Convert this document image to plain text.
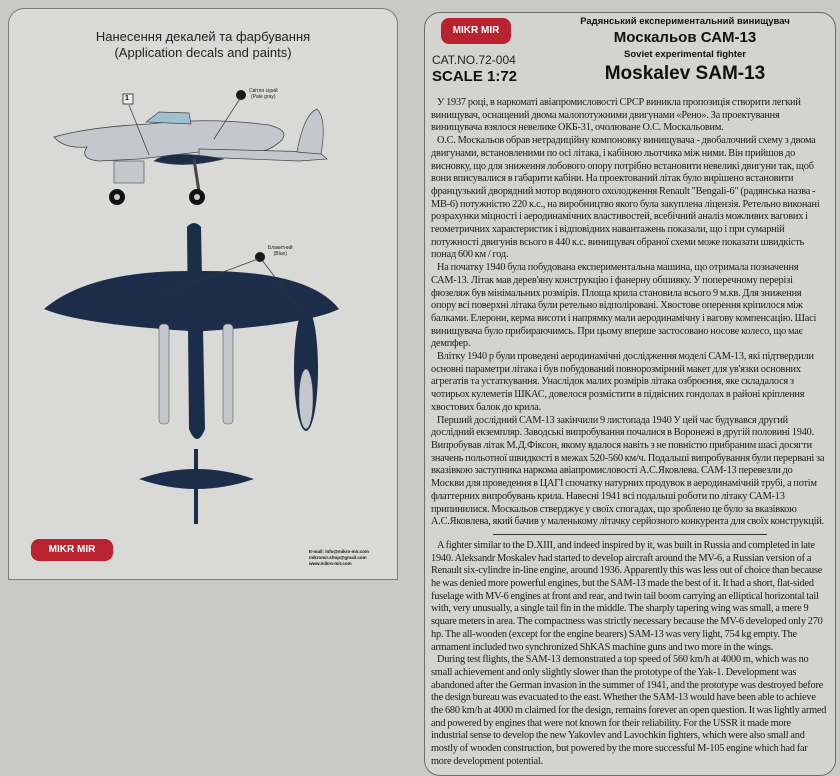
Нанесення декалей та фарбування
(Application decals and paints)
Світло сірий
(Pale gray)
Блакитний
(Blue)
1
MIKR MIR	E-mail: info@mikro-mir.com
mikromir.shop@gmail.com
www.mikro-mir.com
MIKR MIR
CAT.NO.72-004
SCALE 1:72
Радянський експериментальний винищувач
Москальов САМ-13
Soviet experimental fighter
Moskalev SAM-13

У 1937 році, в наркоматі авіапромисловості СРСР виникла пропозиція створити легкий винищувач, оснащений двома малопотужними двигунами «Рено». За проектування винищувача взялося невелике ОКБ-31, очолюване О.С. Москальовим.

О.С. Москальов обрав нетрадиційну компоновку винищувача - двобалочний схему з двома двигунами, встановленими по осі літака, і кабіною льотчика між ними. Він прийшов до висновку, що для зниження лобового опору потрібно встановити невеликі двигуни так, щоб вони вписувалися в габарити кабіни. На проектований літак було вирішено встановити французький дворядний мотор водяного охолодження Renault "Bengali-6" (радянська назва - МВ-6) потужністю 220 к.с., на виробництво якого була закуплена ліцензія. Ретельно виконані розрахунки міцності і аеродинамічних властивостей, всебічний аналіз можливих вагових і геометричних характеристик і відповідних навантажень показали, що і при сумарній потужності двигунів всього в 440 к.с. винищувач обраної схеми може показати швидкість понад 600 км / год.

На початку 1940 була побудована експериментальна машина, що отримала позначення САМ-13. Літак мав дерев'яну конструкцію і фанерну обшивку. У поперечному перерізі фюзеляж був мінімальних розмірів. Площа крила становила всього 9 м.кв. Для зниження опору всі поверхні літака були ретельно відполіровані. Хвостове оперення кріпилося між балками. Елерони, керма висоти і напрямку мали аеродинамічну і вагову компенсацію. Шасі винищувача було прибираючимсь. При цьому вперше застосовано носове колесо, що має демпфер.

Влітку 1940 р були проведені аеродинамічні дослідження моделі САМ-13, які підтвердили основні параметри літака і був побудований повнорозмірний макет для ув'язки основних агрегатів та устаткування. Унаслідок малих розмірів літака озброєння, яке складалося з чотирьох кулеметів ШКАС, довелося розмістити в підвісних гондолах в районі кріплення хвостових балок до крила.

Перший дослідний САМ-13 закінчили 9 листопада 1940 У цей час будувався другий дослідний екземпляр. Заводські випробування почалися в Воронежі в другій половині 1940. Випробував літак М.Д.Фіксон, якому вдалося навіть з не повністю прибраним шасі досягти значень польотної швидкості в межах 520-560 км/ч. Подальші випробування були перервані за вказівкою заступника наркома авіапромисловості А.С.Яковлева. САМ-13 перевезли до Москви для проведення в ЦАГІ спочатку натурних продувок в аеродинамічній трубі, а потім флаттерних випробувань крила. Навесні 1941 всі подальші роботи по літаку САМ-13 припинилися. Москальов стверджує у своїх спогадах, що зроблено це було за вказівкою А.С.Яковлева, який бачив у маленькому літачку серйозного конкурента для своїх конструкцій.

A fighter similar to the D.XIII, and indeed inspired by it, was built in Russia and completed in late 1940. Aleksandr Moskalev had started to develop aircraft around the MV-6, a Russian version of a Renault six-cylindre in-line engine, around 1936. Apparently this was less out of choice than because he was denied more powerful engines, but the SAM-13 made the best of it. It had a short, flat-sided fuselage with MV-6 engines at front and rear, and twin tail boom carrying an elliptical horizontal tail with, very unusually, a single tail fin in the middle. The sharply tapering wing was small, a mere 9 square meters in area. The compactness was strictly necessary because the MV-6 developed only 270 hp. The all-wooden (except for the engine bearers) SAM-13 was very light, 754 kg empty. The armament included two synchronized ShKAS machine guns and two more in the wings.

During test flights, the SAM-13 demonstrated a top speed of 560 km/h at 4000 m, which was no small achievement and only slightly slower than the prototype of the Yak-1. Development was abandoned after the German invasion in the summer of 1941, and the prototype was destroyed before the design bureau was evacuated to the east. Whether the SAM-13 would have been able to achieve the 680 km/h at 4000 m claimed for the design, remains forever an open question. It was lightly armed and powered by engines that were not known for their reliability. For the USSR it made more industrial sense to develop the new Yakovlev and Lavochkin fighters, which were also small and mostly of wooden construction, but powered by the more successful M-105 engine which had far more development potential.
